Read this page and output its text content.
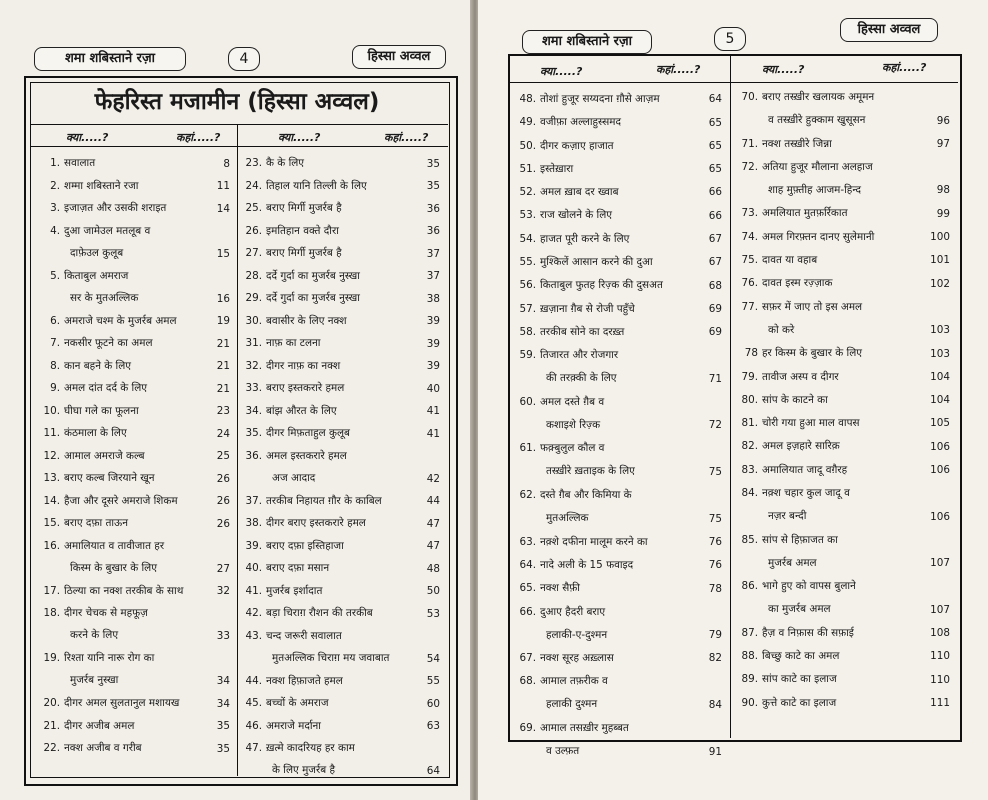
शमा शबिस्ताने रज़ा	4	हिस्सा अव्वल
फेहरिस्त मजामीन (हिस्सा अव्वल)
क्या.....?	कहां.....?	क्या.....?	कहां.....?
1. सवालात	8
2. शम्मा शबिस्ताने रजा	11
3. इजाज़त और उसकी शराइत	14
4. दुआ जामेउल मतलूब व
दाफ़ेउल कुलूब	15
5. किताबुल अमराज
सर के मुतअल्लिक	16
6. अमराजे चश्म के मुजर्रब अमल	19
7. नकसीर फूटने का अमल	21
8. कान बहने के लिए	21
9. अमल दांत दर्द के लिए	21
10. घीघा गले का फूलना	23
11. कंठमाला के लिए	24
12. आमाल अमराजे कल्ब	25
13. बराए कल्ब जिरयाने खून	26
14. हैजा और दूसरे अमराजे शिकम	26
15. बराए दफ़ा ताऊन	26
16. अमालियात व तावीजात हर
किस्म के बुखार के लिए	27
17. ठिल्या का नक्श तरकीब के साथ	32
18. दीगर चेचक से महफूज़
करने के लिए	33
19. रिश्ता यानि नारू रोग का
मुजर्रब नुस्खा	34
20. दीगर अमल सुलतानुल मशायख	34
21. दीगर अजीब अमल	35
22. नक्श अजीब व गरीब	35
23. कै के लिए	35
24. तिहाल यानि तिल्ली के लिए	35
25. बराए मिर्गी मुजर्रब है	36
26. इमतिहान वक्ते दौरा	36
27. बराए मिर्गी मुजर्रब है	37
28. दर्दे गुर्दा का मुजर्रब नुस्खा	37
29. दर्दे गुर्दा का मुजर्रब नुस्खा	38
30. बवासीर के लिए नक्श	39
31. नाफ़ का टलना	39
32. दीगर नाफ़ का नक्श	39
33. बराए इस्तकरारे हमल	40
34. बांझ औरत के लिए	41
35. दीगर मिफ़ताहुल कुलूब	41
36. अमल इस्तकरारे हमल
अज आदाद	42
37. तरकीब निहायत ग़ौर के काबिल	44
38. दीगर बराए इस्तकरारे हमल	47
39. बराए दफ़ा इस्तिहाजा	47
40. बराए दफ़ा मसान	48
41. मुजर्रब इर्शादात	50
42. बड़ा चिराग़ रौशन की तरकीब	53
43. चन्द जरूरी सवालात
मुतअल्लिक चिराग़ मय जवाबात	54
44. नक्श हिफ़ाजते हमल	55
45. बच्चों के अमराज	60
46. अमराजे मर्दाना	63
47. ख़त्मे कादरियह हर काम
के लिए मुजर्रब है	64
शमा शबिस्ताने रज़ा	5
हिस्सा अव्वल
क्या.....?	कहां.....?	क्या.....?	कहां.....?
48. तोशां हुजूर सय्यदना ग़ौसे आज़म	64
49. वजीफ़ा अल्लाहुस्समद	65
50. दीगर कज़ाए हाजात	65
51. इस्तेख़ारा	65
52. अमल ख़ाब दर ख्वाब	66
53. राज खोलने के लिए	66
54. हाजत पूरी करने के लिए	67
55. मुश्किलें आसान करने की दुआ	67
56. किताबुल फुतह रिज़्क की दुसअत	68
57. ख़ज़ाना ग़ैब से रोजी पहुँचे	69
58. तरकीब सोने का दरख़्त	69
59. तिजारत और रोजगार
की तरक़्की के लिए	71
60. अमल दस्ते ग़ैब व
कशाइशे रिज़्क	72
61. फक़्बुलुल कौल व
तस्ख़ीरे ख़ताइक के लिए	75
62. दस्ते ग़ैब और किमिया के
मुतअल्लिक	75
63. नक़्शे दफीना मालूम करने का	76
64. नादे अली के 15 फवाइद	76
65. नक्श सैफ़ी	78
66. दुआए हैदरी बराए
हलाकी-ए-दुश्मन	79
67. नक्श सूरह अख़्लास	82
68. आमाल तफ़रीक व
हलाकी दुश्मन	84
69. आमाल तसख़ीर मुहब्बत
व उल्फ़त	91
70. बराए तस्ख़ीर खलायक अमूमन
व तस्ख़ीरे हुक्काम खुसूसन	96
71. नक्श तस्ख़ीरे जिन्ना	97
72. अतिया हुजूर मौलाना अलहाज
शाह मुफ़्तीह आजम-हिन्द	98
73. अमलियात मुतफ़र्रिकात	99
74. अमल गिरफ़्तन दानए सुलेमानी	100
75. दावत या वहाब	101
76. दावत इस्म रज़्ज़ाक	102
77. सफ़र में जाए तो इस अमल
को करे	103
78 हर किस्म के बुखार के लिए	103
79. तावीज अस्प व दीगर	104
80. सांप के काटने का	104
81. चोरी गया हुआ माल वापस	105
82. अमल इज़हारे सारिक़	106
83. अमालियात जादू वग़ैरह	106
84. नक़्श चहार कुल जादू व
नज़र बन्दी	106
85. सांप से हिफ़ाजत का
मुजर्रब अमल	107
86. भागे हुए को वापस बुलाने
का मुजर्रब अमल	107
87. हैज़ व निफ़ास की सफ़ाई	108
88. बिच्छु काटे का अमल	110
89. सांप काटे का इलाज	110
90. कुत्ते काटे का इलाज	111
